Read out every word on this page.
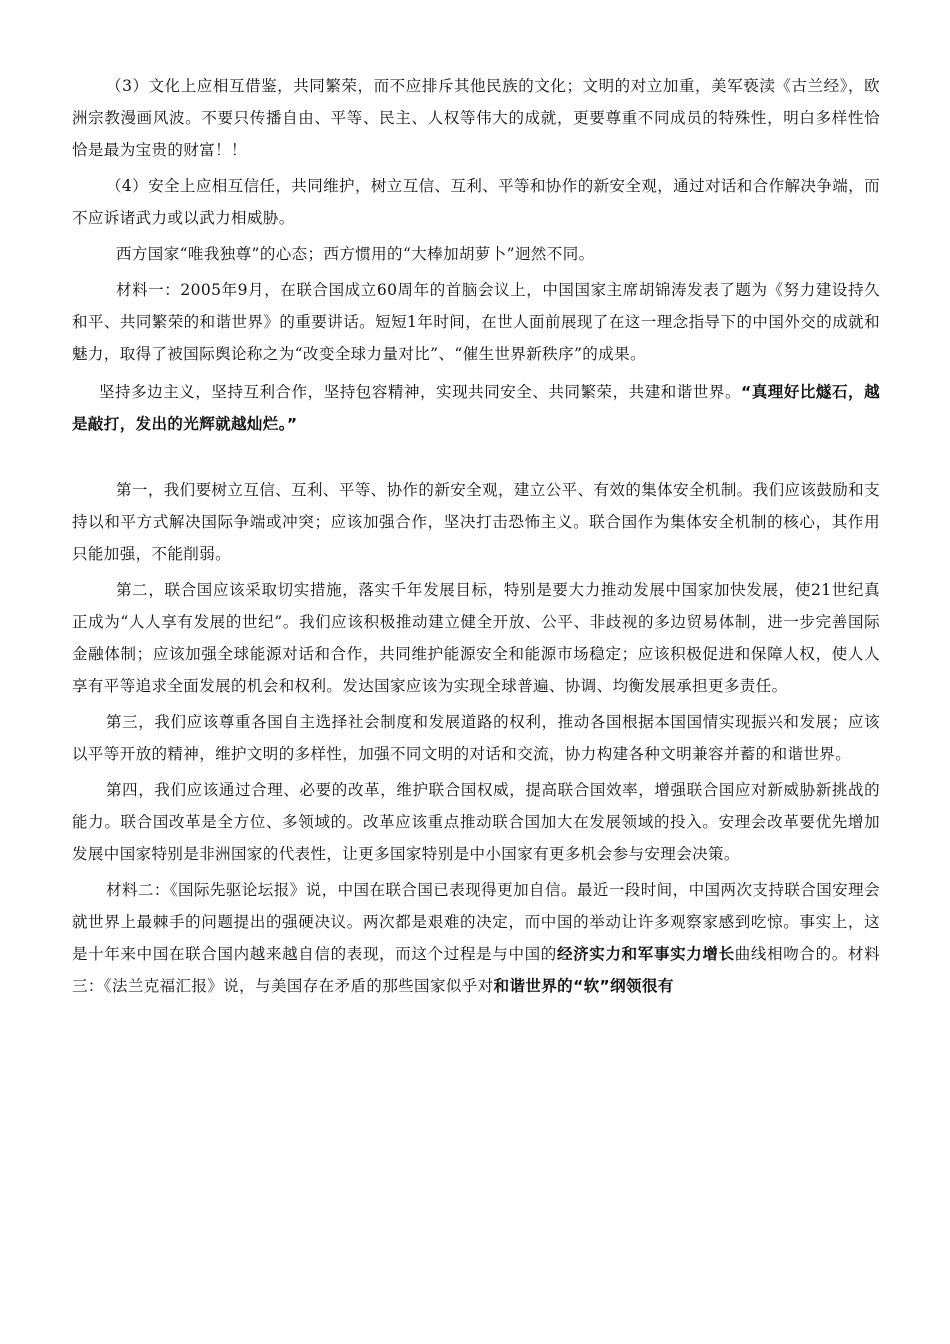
（3）文化上应相互借鉴，共同繁荣，而不应排斥其他民族的文化；文明的对立加重，美军亵渎《古兰经》，欧洲宗教漫画风波。不要只传播自由、平等、民主、人权等伟大的成就，更要尊重不同成员的特殊性，明白多样性恰恰是最为宝贵的财富！！

（4）安全上应相互信任，共同维护，树立互信、互利、平等和协作的新安全观，通过对话和合作解决争端，而不应诉诸武力或以武力相威胁。

西方国家“唯我独尊”的心态；西方惯用的“大棒加胡萝卜”迥然不同。

材料一：2005年9月，在联合国成立60周年的首脑会议上，中国国家主席胡锦涛发表了题为《努力建设持久和平、共同繁荣的和谐世界》的重要讲话。短短1年时间，在世人面前展现了在这一理念指导下的中国外交的成就和魅力，取得了被国际舆论称之为“改变全球力量对比”、“催生世界新秩序”的成果。

坚持多边主义，坚持互利合作，坚持包容精神，实现共同安全、共同繁荣，共建和谐世界。“真理好比燧石，越是敲打，发出的光辉就越灿烂。”

第一，我们要树立互信、互利、平等、协作的新安全观，建立公平、有效的集体安全机制。我们应该鼓励和支持以和平方式解决国际争端或冲突；应该加强合作，坚决打击恐怖主义。联合国作为集体安全机制的核心，其作用只能加强，不能削弱。

第二，联合国应该采取切实措施，落实千年发展目标，特别是要大力推动发展中国家加快发展，使21世纪真正成为“人人享有发展的世纪”。我们应该积极推动建立健全开放、公平、非歧视的多边贸易体制，进一步完善国际金融体制；应该加强全球能源对话和合作，共同维护能源安全和能源市场稳定；应该积极促进和保障人权，使人人享有平等追求全面发展的机会和权利。发达国家应该为实现全球普遍、协调、均衡发展承担更多责任。

第三，我们应该尊重各国自主选择社会制度和发展道路的权利，推动各国根据本国国情实现振兴和发展；应该以平等开放的精神，维护文明的多样性，加强不同文明的对话和交流，协力构建各种文明兼容并蓄的和谐世界。

第四，我们应该通过合理、必要的改革，维护联合国权威，提高联合国效率，增强联合国应对新威胁新挑战的能力。联合国改革是全方位、多领域的。改革应该重点推动联合国加大在发展领域的投入。安理会改革要优先增加发展中国家特别是非洲国家的代表性，让更多国家特别是中小国家有更多机会参与安理会决策。

材料二：《国际先驱论坛报》说，中国在联合国已表现得更加自信。最近一段时间，中国两次支持联合国安理会就世界上最棘手的问题提出的强硬决议。两次都是艰难的决定，而中国的举动让许多观察家感到吃惊。事实上，这是十年来中国在联合国内越来越自信的表现，而这个过程是与中国的经济实力和军事实力增长曲线相吻合的。材料三：《法兰克福汇报》说，与美国存在矛盾的那些国家似乎对和谐世界的“软”纲领很有
